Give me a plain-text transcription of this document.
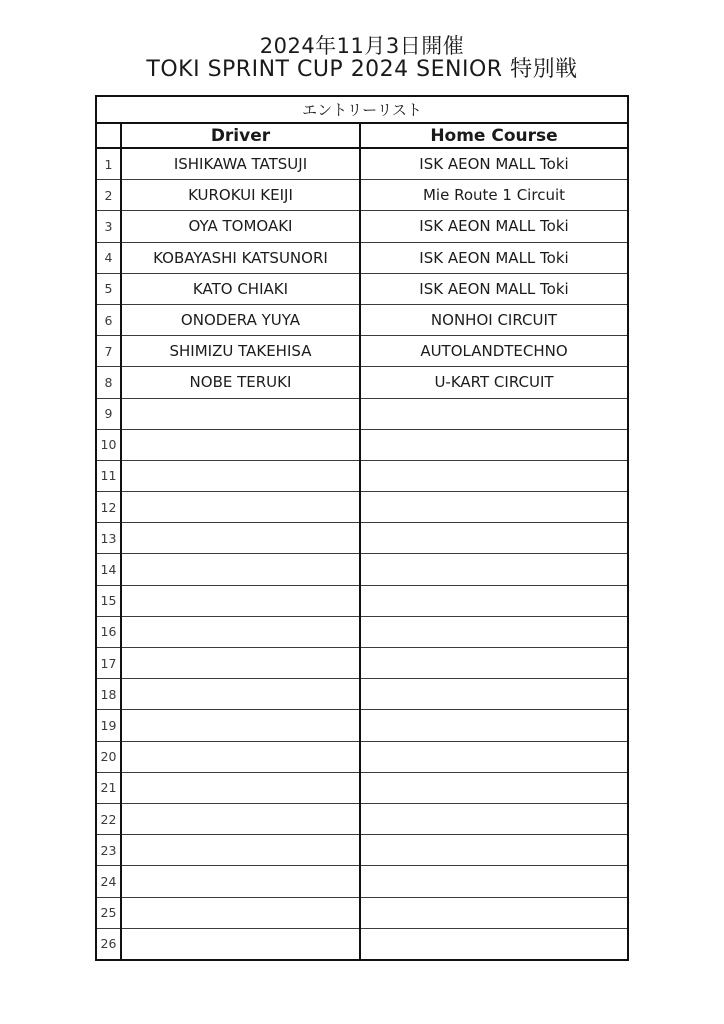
2024年11月3日開催
TOKI SPRINT CUP 2024 SENIOR 特別戦
エントリーリスト		
	Driver	Home Course
1	ISHIKAWA TATSUJI	ISK AEON MALL Toki
2	KUROKUI KEIJI	Mie Route 1 Circuit
3	OYA TOMOAKI	ISK AEON MALL Toki
4	KOBAYASHI KATSUNORI	ISK AEON MALL Toki
5	KATO CHIAKI	ISK AEON MALL Toki
6	ONODERA YUYA	NONHOI CIRCUIT
7	SHIMIZU TAKEHISA	AUTOLANDTECHNO
8	NOBE TERUKI	U-KART CIRCUIT
9		
10		
11		
12		
13		
14		
15		
16		
17		
18		
19		
20		
21		
22		
23		
24		
25		
26		
